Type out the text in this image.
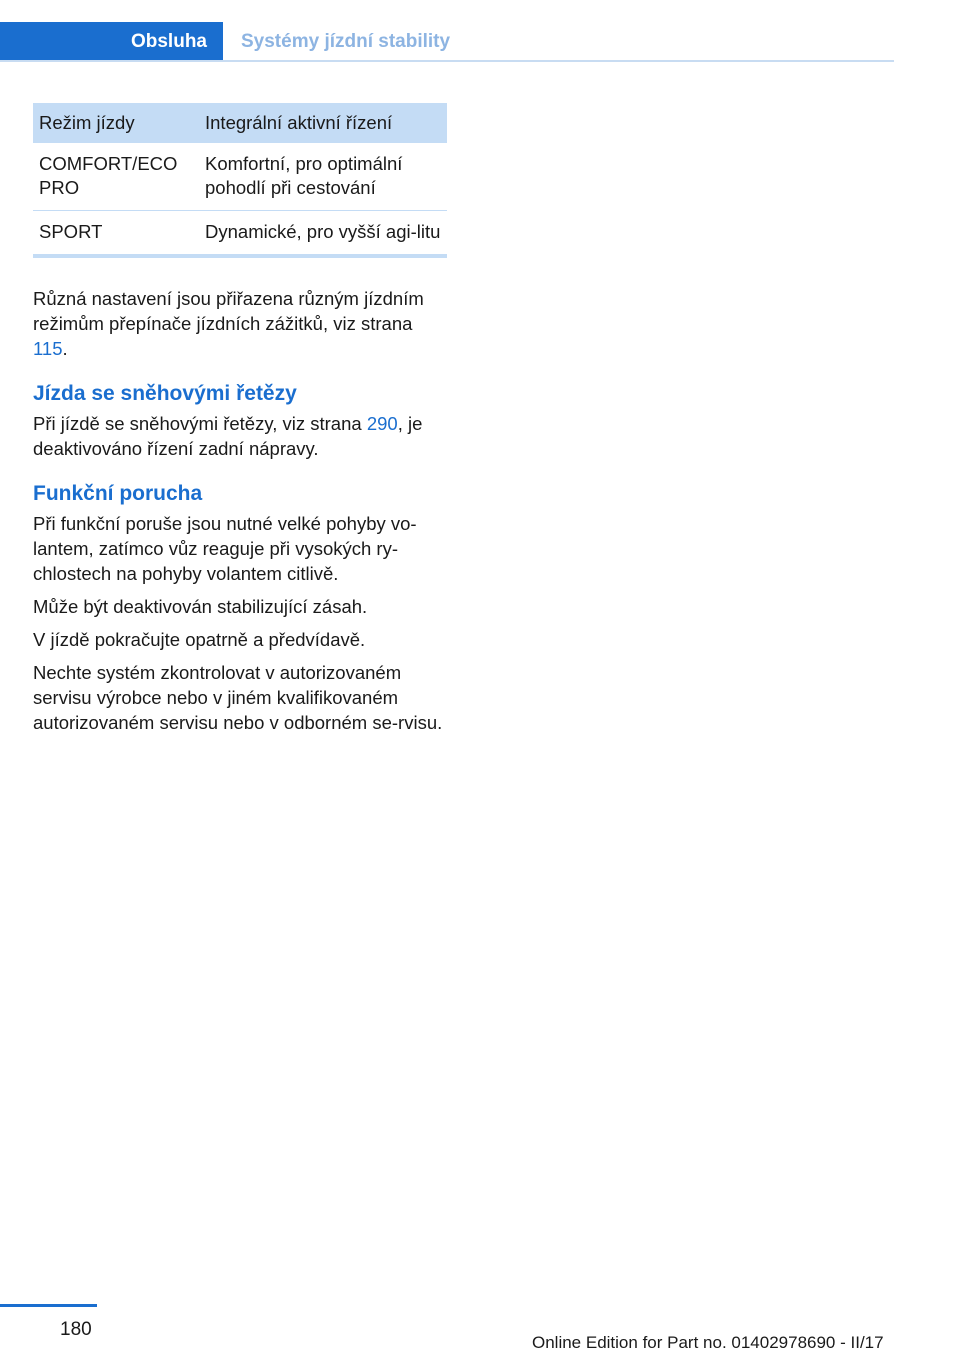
Obsluha	Systémy jízdní stability
Režim jízdy	Integrální aktivní řízení
COMFORT/ECO PRO	Komfortní, pro optimální pohodlí při cestování
SPORT	Dynamické, pro vyšší agi‐litu

Různá nastavení jsou přiřazena různým jízdním režimům přepínače jízdních zážitků, viz strana 115.

Jízda se sněhovými řetězy

Při jízdě se sněhovými řetězy, viz strana 290, je deaktivováno řízení zadní nápravy.

Funkční porucha

Při funkční poruše jsou nutné velké pohyby vo‐lantem, zatímco vůz reaguje při vysokých ry‐chlostech na pohyby volantem citlivě.

Může být deaktivován stabilizující zásah.

V jízdě pokračujte opatrně a předvídavě.

Nechte systém zkontrolovat v autorizovaném servisu výrobce nebo v jiném kvalifikovaném autorizovaném servisu nebo v odborném se‐rvisu.

180
Online Edition for Part no. 01402978690 - II/17
